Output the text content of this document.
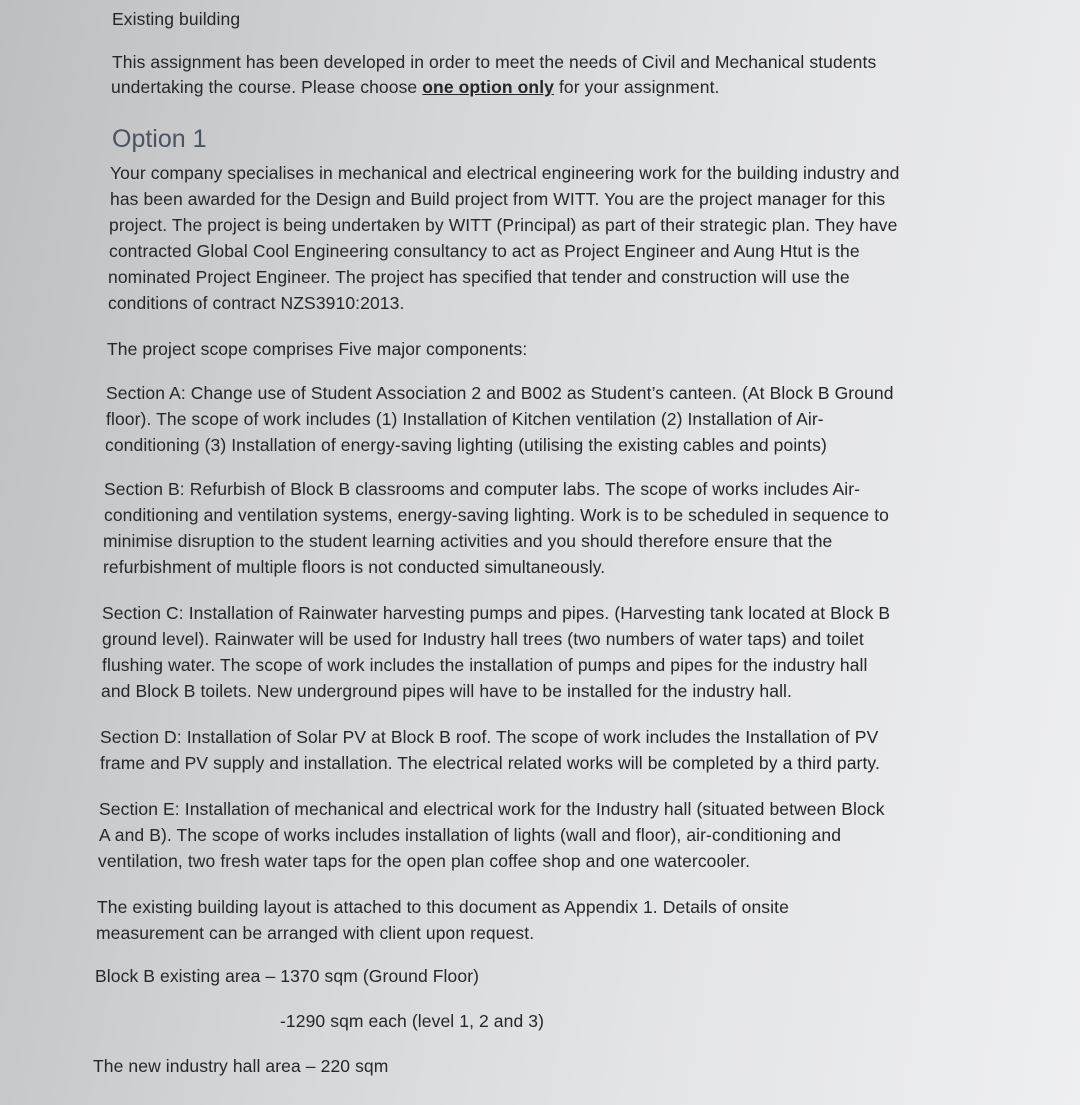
Existing building
This assignment has been developed in order to meet the needs of Civil and Mechanical students
undertaking the course. Please choose one option only for your assignment.
Option 1
Your company specialises in mechanical and electrical engineering work for the building industry and
has been awarded for the Design and Build project from WITT. You are the project manager for this
project. The project is being undertaken by WITT (Principal) as part of their strategic plan. They have
contracted Global Cool Engineering consultancy to act as Project Engineer and Aung Htut is the
nominated Project Engineer. The project has specified that tender and construction will use the
conditions of contract NZS3910:2013.
The project scope comprises Five major components:
Section A: Change use of Student Association 2 and B002 as Student’s canteen. (At Block B Ground
floor). The scope of work includes (1) Installation of Kitchen ventilation (2) Installation of Air-
conditioning (3) Installation of energy-saving lighting (utilising the existing cables and points)
Section B: Refurbish of Block B classrooms and computer labs. The scope of works includes Air-
conditioning and ventilation systems, energy-saving lighting. Work is to be scheduled in sequence to
minimise disruption to the student learning activities and you should therefore ensure that the
refurbishment of multiple floors is not conducted simultaneously.
Section C: Installation of Rainwater harvesting pumps and pipes. (Harvesting tank located at Block B
ground level). Rainwater will be used for Industry hall trees (two numbers of water taps) and toilet
flushing water. The scope of work includes the installation of pumps and pipes for the industry hall
and Block B toilets. New underground pipes will have to be installed for the industry hall.
Section D: Installation of Solar PV at Block B roof. The scope of work includes the Installation of PV
frame and PV supply and installation. The electrical related works will be completed by a third party.
Section E: Installation of mechanical and electrical work for the Industry hall (situated between Block
A and B). The scope of works includes installation of lights (wall and floor), air-conditioning and
ventilation, two fresh water taps for the open plan coffee shop and one watercooler.
The existing building layout is attached to this document as Appendix 1. Details of onsite
measurement can be arranged with client upon request.
Block B existing area – 1370 sqm (Ground Floor)
-1290 sqm each (level 1, 2 and 3)
The new industry hall area – 220 sqm
